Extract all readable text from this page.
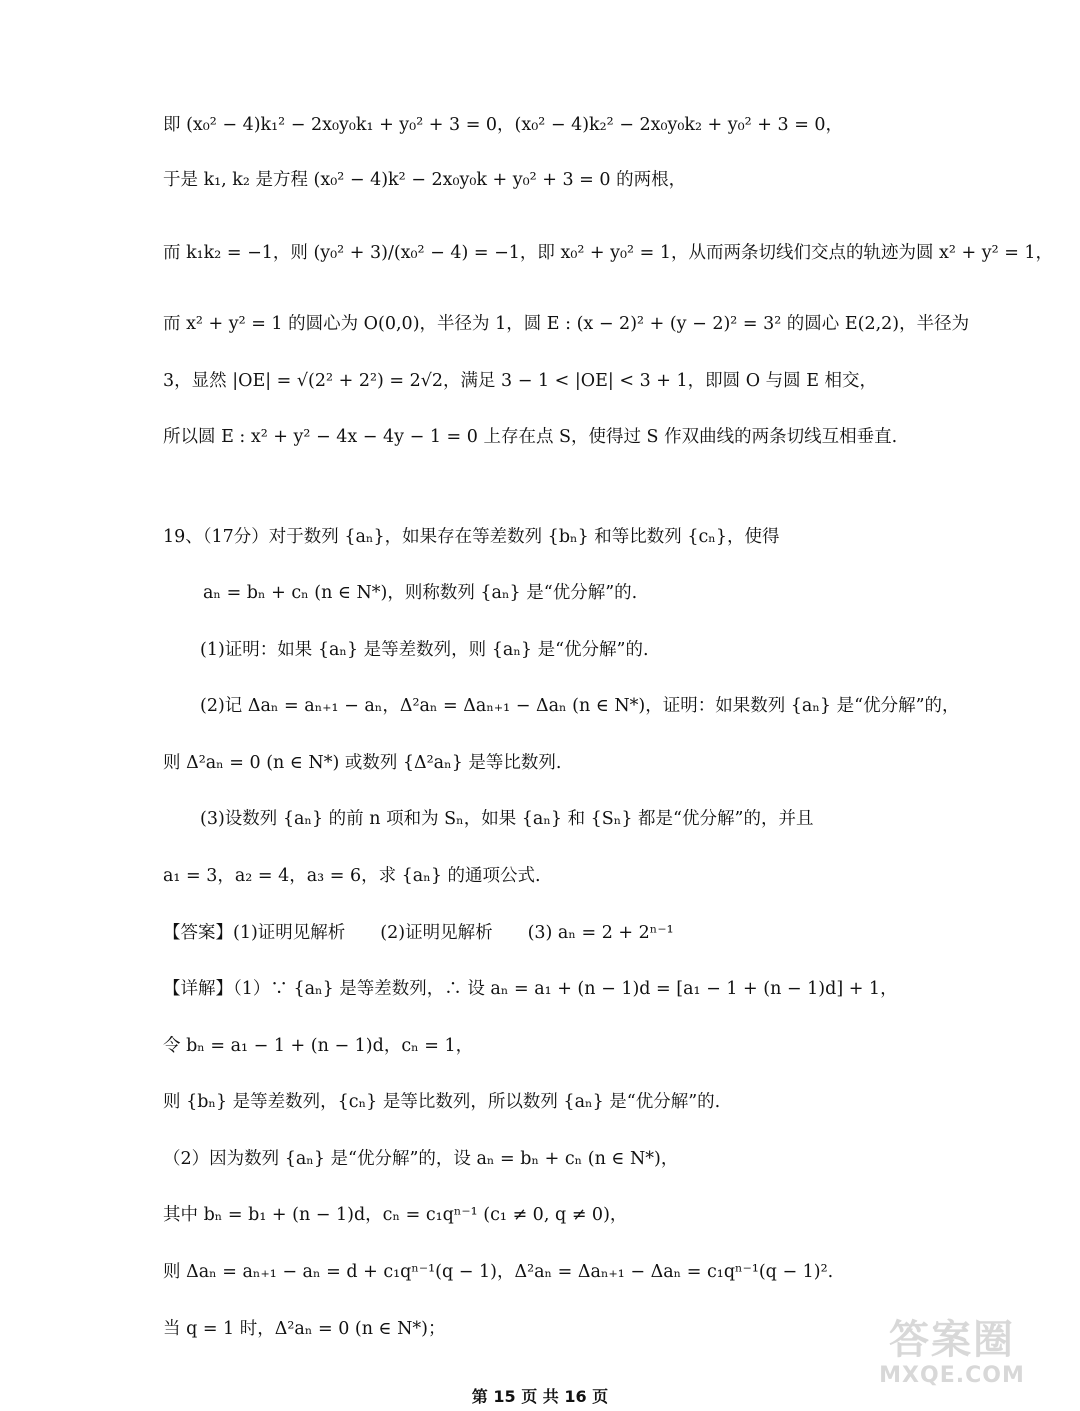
即 (x₀² − 4)k₁² − 2x₀y₀k₁ + y₀² + 3 = 0，(x₀² − 4)k₂² − 2x₀y₀k₂ + y₀² + 3 = 0，
于是 k₁, k₂ 是方程 (x₀² − 4)k² − 2x₀y₀k + y₀² + 3 = 0 的两根，
而 k₁k₂ = −1，则 (y₀² + 3)/(x₀² − 4) = −1，即 x₀² + y₀² = 1，从而两条切线们交点的轨迹为圆 x² + y² = 1，
而 x² + y² = 1 的圆心为 O(0,0)，半径为 1，圆 E : (x − 2)² + (y − 2)² = 3² 的圆心 E(2,2)，半径为
3，显然 |OE| = √(2² + 2²) = 2√2，满足 3 − 1 < |OE| < 3 + 1，即圆 O 与圆 E 相交，
所以圆 E : x² + y² − 4x − 4y − 1 = 0 上存在点 S，使得过 S 作双曲线的两条切线互相垂直.
19、（17分）对于数列 {aₙ}，如果存在等差数列 {bₙ} 和等比数列 {cₙ}，使得
aₙ = bₙ + cₙ (n ∈ N*)，则称数列 {aₙ} 是“优分解”的.
(1)证明：如果 {aₙ} 是等差数列，则 {aₙ} 是“优分解”的.
(2)记 Δaₙ = aₙ₊₁ − aₙ，Δ²aₙ = Δaₙ₊₁ − Δaₙ (n ∈ N*)，证明：如果数列 {aₙ} 是“优分解”的，
则 Δ²aₙ = 0 (n ∈ N*) 或数列 {Δ²aₙ} 是等比数列.
(3)设数列 {aₙ} 的前 n 项和为 Sₙ，如果 {aₙ} 和 {Sₙ} 都是“优分解”的，并且
a₁ = 3，a₂ = 4，a₃ = 6，求 {aₙ} 的通项公式.
【答案】(1)证明见解析　　(2)证明见解析　　(3) aₙ = 2 + 2ⁿ⁻¹
【详解】（1）∵ {aₙ} 是等差数列，∴ 设 aₙ = a₁ + (n − 1)d = [a₁ − 1 + (n − 1)d] + 1，
令 bₙ = a₁ − 1 + (n − 1)d，cₙ = 1，
则 {bₙ} 是等差数列，{cₙ} 是等比数列，所以数列 {aₙ} 是“优分解”的.
（2）因为数列 {aₙ} 是“优分解”的，设 aₙ = bₙ + cₙ (n ∈ N*)，
其中 bₙ = b₁ + (n − 1)d，cₙ = c₁qⁿ⁻¹ (c₁ ≠ 0, q ≠ 0)，
则 Δaₙ = aₙ₊₁ − aₙ = d + c₁qⁿ⁻¹(q − 1)，Δ²aₙ = Δaₙ₊₁ − Δaₙ = c₁qⁿ⁻¹(q − 1)².
当 q = 1 时，Δ²aₙ = 0 (n ∈ N*)；
第 15 页 共 16 页
答案圈
MXQE.COM
